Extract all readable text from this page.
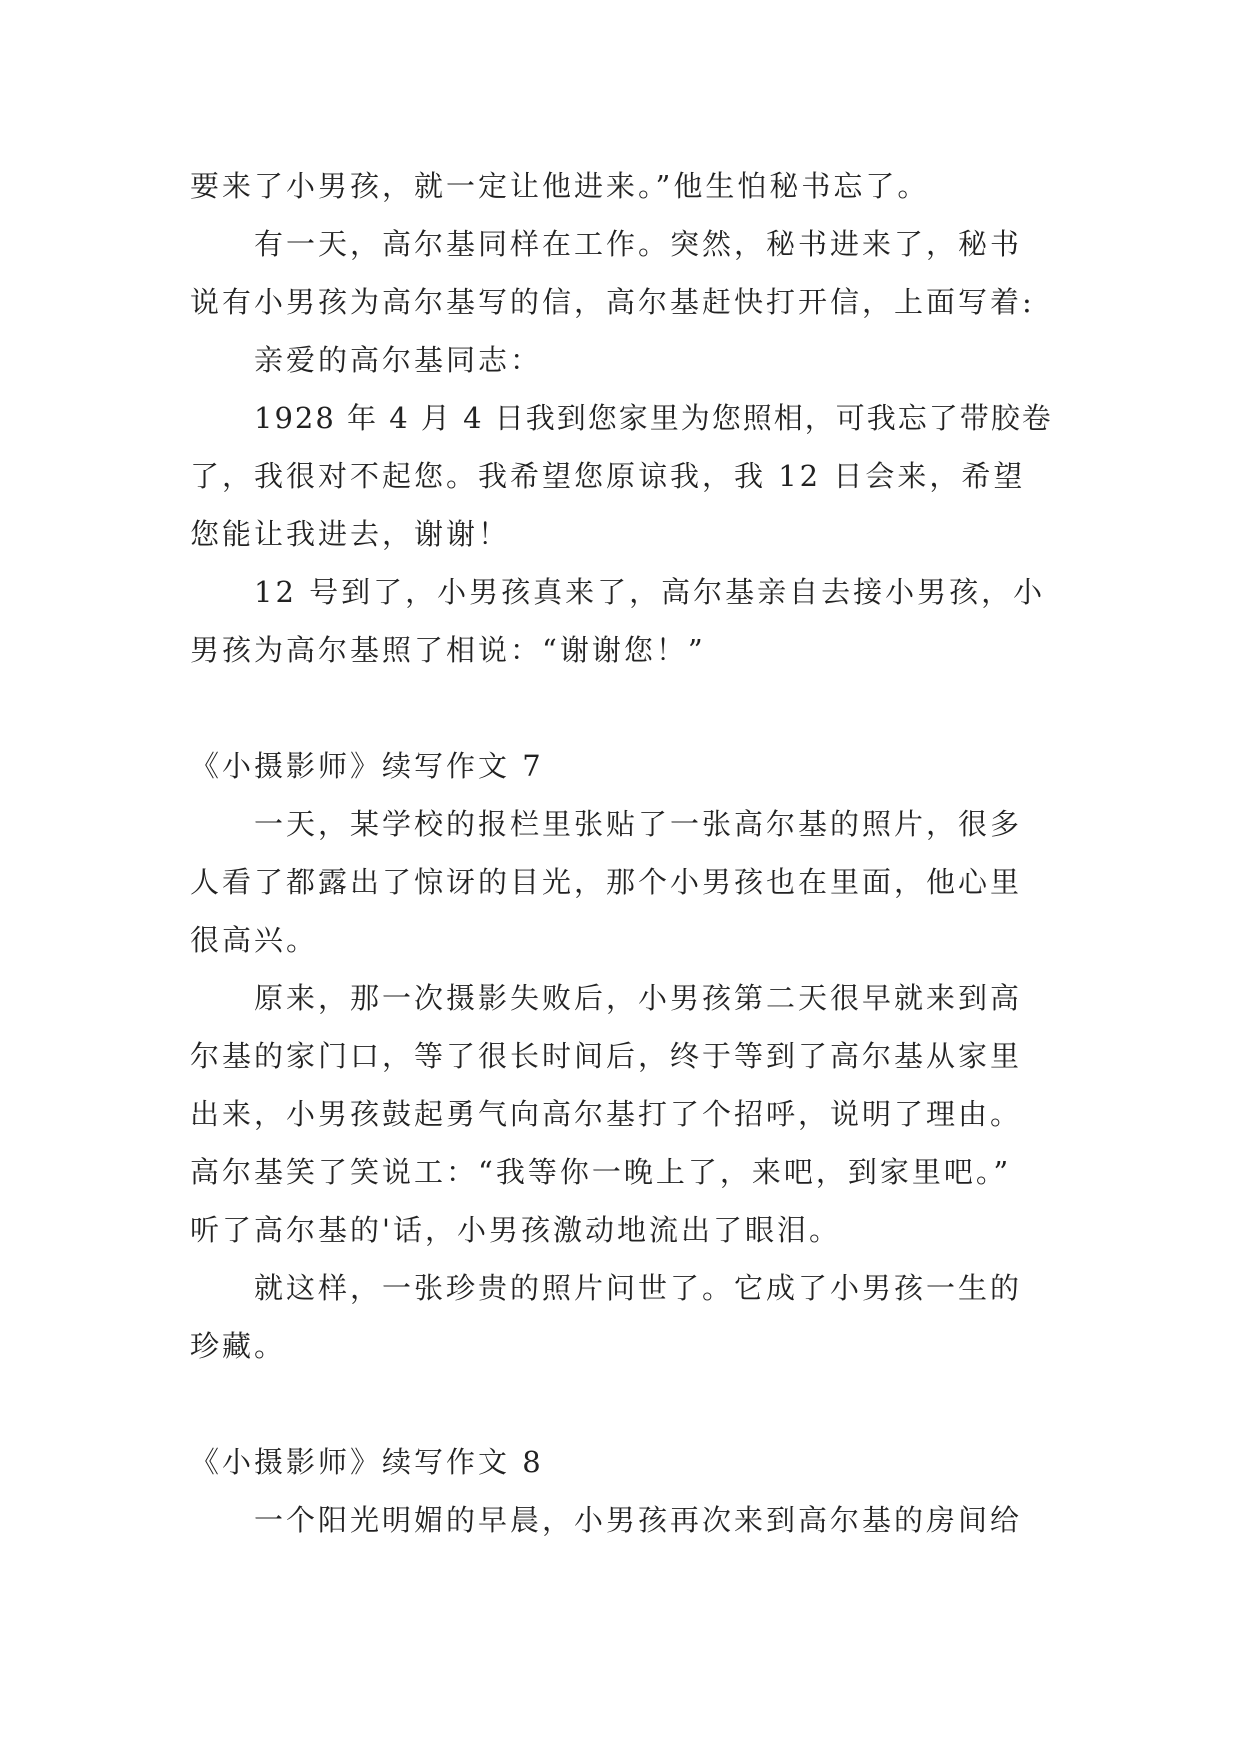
要来了小男孩，就一定让他进来。”他生怕秘书忘了。
有一天，高尔基同样在工作。突然，秘书进来了，秘书
说有小男孩为高尔基写的信，高尔基赶快打开信，上面写着:
亲爱的高尔基同志：
1928 年 4 月 4 日我到您家里为您照相，可我忘了带胶卷
了，我很对不起您。我希望您原谅我，我 12 日会来，希望
您能让我进去，谢谢！
12 号到了，小男孩真来了，高尔基亲自去接小男孩，小
男孩为高尔基照了相说：“谢谢您！”
《小摄影师》续写作文 7
一天，某学校的报栏里张贴了一张高尔基的照片，很多
人看了都露出了惊讶的目光，那个小男孩也在里面，他心里
很高兴。
原来，那一次摄影失败后，小男孩第二天很早就来到高
尔基的家门口，等了很长时间后，终于等到了高尔基从家里
出来，小男孩鼓起勇气向高尔基打了个招呼，说明了理由。
高尔基笑了笑说工：“我等你一晚上了，来吧，到家里吧。”
听了高尔基的'话，小男孩激动地流出了眼泪。
就这样，一张珍贵的照片问世了。它成了小男孩一生的
珍藏。
《小摄影师》续写作文 8
一个阳光明媚的早晨，小男孩再次来到高尔基的房间给
